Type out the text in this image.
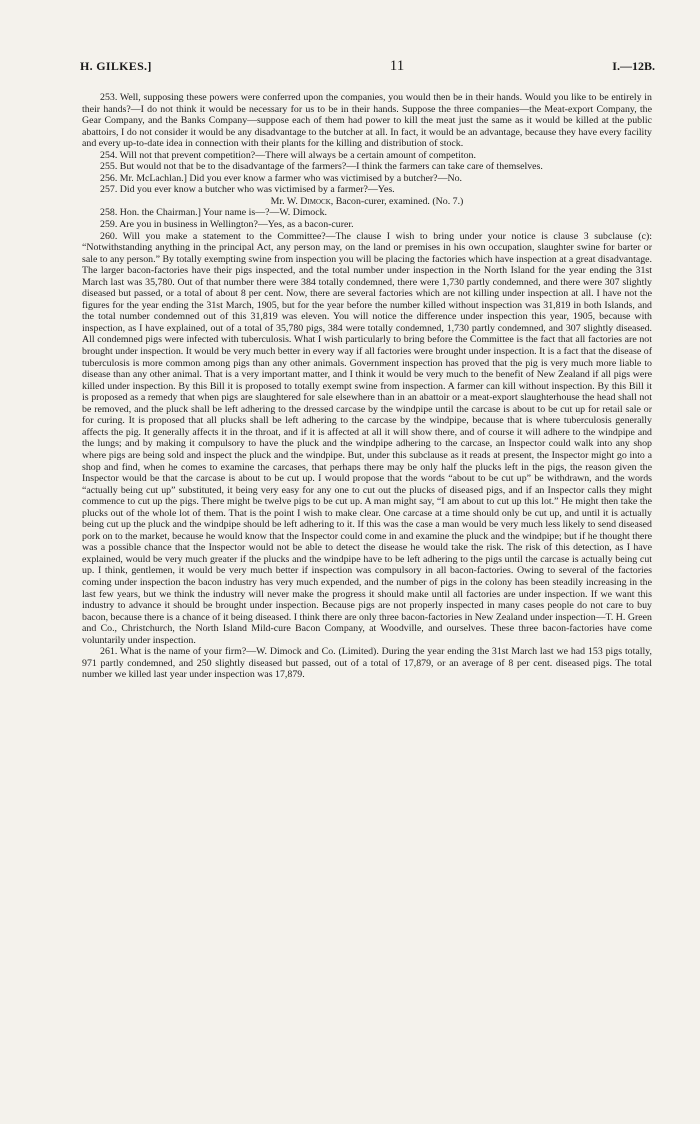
H. GILKES.]	11	I.—12B.

253. Well, supposing these powers were conferred upon the companies, you would then be in their hands. Would you like to be entirely in their hands?—I do not think it would be necessary for us to be in their hands. Suppose the three companies—the Meat-export Company, the Gear Company, and the Banks Company—suppose each of them had power to kill the meat just the same as it would be killed at the public abattoirs, I do not consider it would be any disadvantage to the butcher at all. In fact, it would be an advantage, because they have every facility and every up-to-date idea in connection with their plants for the killing and distribution of stock.

254. Will not that prevent competition?—There will always be a certain amount of competiton.

255. But would not that be to the disadvantage of the farmers?—I think the farmers can take care of themselves.

256. Mr. McLachlan.] Did you ever know a farmer who was victimised by a butcher?—No.

257. Did you ever know a butcher who was victimised by a farmer?—Yes.

Mr. W. Dimock, Bacon-curer, examined. (No. 7.)

258. Hon. the Chairman.] Your name is—?—W. Dimock.

259. Are you in business in Wellington?—Yes, as a bacon-curer.

260. Will you make a statement to the Committee?—The clause I wish to bring under your notice is clause 3 subclause (c): “Notwithstanding anything in the principal Act, any person may, on the land or premises in his own occupation, slaughter swine for barter or sale to any person.” By totally exempting swine from inspection you will be placing the factories which have inspection at a great disadvantage. The larger bacon-factories have their pigs inspected, and the total number under inspection in the North Island for the year ending the 31st March last was 35,780. Out of that number there were 384 totally condemned, there were 1,730 partly condemned, and there were 307 slightly diseased but passed, or a total of about 8 per cent. Now, there are several factories which are not killing under inspection at all. I have not the figures for the year ending the 31st March, 1905, but for the year before the number killed without inspection was 31,819 in both Islands, and the total number condemned out of this 31,819 was eleven. You will notice the difference under inspection this year, 1905, because with inspection, as I have explained, out of a total of 35,780 pigs, 384 were totally condemned, 1,730 partly condemned, and 307 slightly diseased. All condemned pigs were infected with tuberculosis. What I wish particularly to bring before the Committee is the fact that all factories are not brought under inspection. It would be very much better in every way if all factories were brought under inspection. It is a fact that the disease of tuberculosis is more common among pigs than any other animals. Government inspection has proved that the pig is very much more liable to disease than any other animal. That is a very important matter, and I think it would be very much to the benefit of New Zealand if all pigs were killed under inspection. By this Bill it is proposed to totally exempt swine from inspection. A farmer can kill without inspection. By this Bill it is proposed as a remedy that when pigs are slaughtered for sale elsewhere than in an abattoir or a meat-export slaughterhouse the head shall not be removed, and the pluck shall be left adhering to the dressed carcase by the windpipe until the carcase is about to be cut up for retail sale or for curing. It is proposed that all plucks shall be left adhering to the carcase by the windpipe, because that is where tuberculosis generally affects the pig. It generally affects it in the throat, and if it is affected at all it will show there, and of course it will adhere to the windpipe and the lungs; and by making it compulsory to have the pluck and the windpipe adhering to the carcase, an Inspector could walk into any shop where pigs are being sold and inspect the pluck and the windpipe. But, under this subclause as it reads at present, the Inspector might go into a shop and find, when he comes to examine the carcases, that perhaps there may be only half the plucks left in the pigs, the reason given the Inspector would be that the carcase is about to be cut up. I would propose that the words “about to be cut up” be withdrawn, and the words “actually being cut up” substituted, it being very easy for any one to cut out the plucks of diseased pigs, and if an Inspector calls they might commence to cut up the pigs. There might be twelve pigs to be cut up. A man might say, “I am about to cut up this lot.” He might then take the plucks out of the whole lot of them. That is the point I wish to make clear. One carcase at a time should only be cut up, and until it is actually being cut up the pluck and the windpipe should be left adhering to it. If this was the case a man would be very much less likely to send diseased pork on to the market, because he would know that the Inspector could come in and examine the pluck and the windpipe; but if he thought there was a possible chance that the Inspector would not be able to detect the disease he would take the risk. The risk of this detection, as I have explained, would be very much greater if the plucks and the windpipe have to be left adhering to the pigs until the carcase is actually being cut up. I think, gentlemen, it would be very much better if inspection was compulsory in all bacon-factories. Owing to several of the factories coming under inspection the bacon industry has very much expended, and the number of pigs in the colony has been steadily increasing in the last few years, but we think the industry will never make the progress it should make until all factories are under inspection. If we want this industry to advance it should be brought under inspection. Because pigs are not properly inspected in many cases people do not care to buy bacon, because there is a chance of it being diseased. I think there are only three bacon-factories in New Zealand under inspection—T. H. Green and Co., Christchurch, the North Island Mild-cure Bacon Company, at Woodville, and ourselves. These three bacon-factories have come voluntarily under inspection.

261. What is the name of your firm?—W. Dimock and Co. (Limited). During the year ending the 31st March last we had 153 pigs totally, 971 partly condemned, and 250 slightly diseased but passed, out of a total of 17,879, or an average of 8 per cent. diseased pigs. The total number we killed last year under inspection was 17,879.
